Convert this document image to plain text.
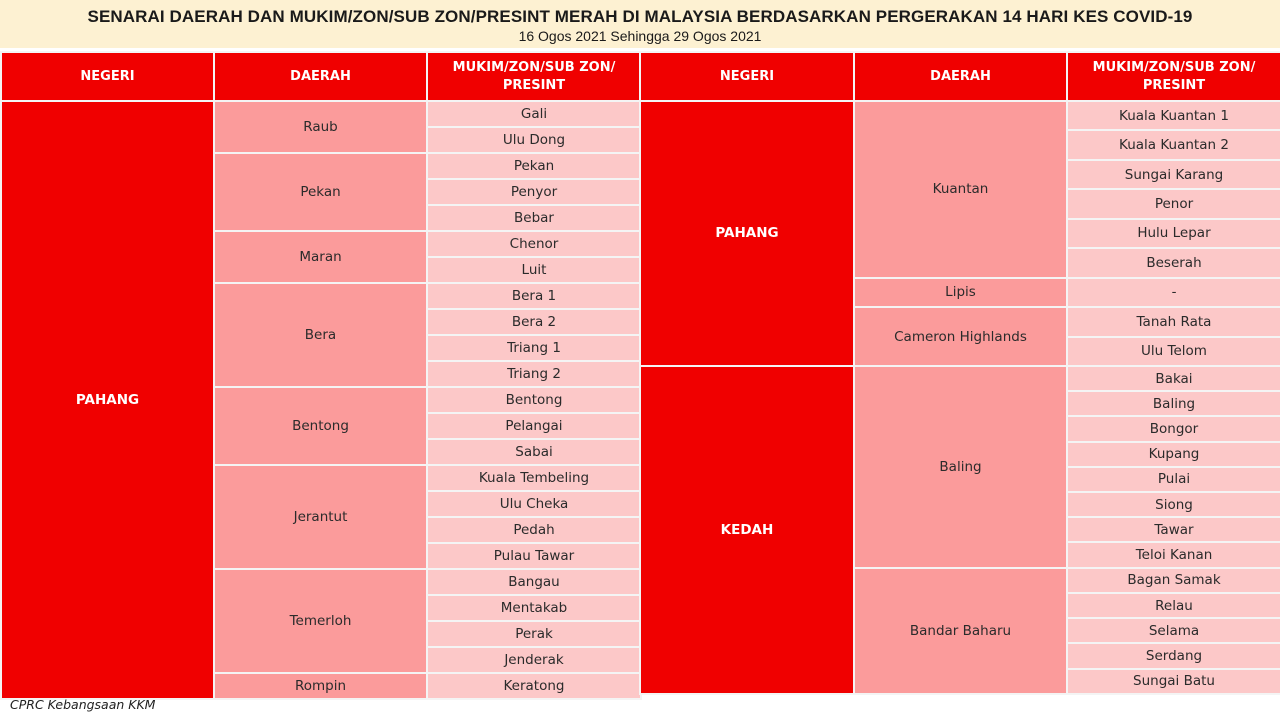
SENARAI DAERAH DAN MUKIM/ZON/SUB ZON/PRESINT MERAH DI MALAYSIA BERDASARKAN PERGERAKAN 14 HARI KES COVID-19
16 Ogos 2021 Sehingga 29 Ogos 2021
NEGERI	DAERAH	MUKIM/ZON/SUB ZON/ PRESINT
PAHANG	Raub	Gali
		Ulu Dong
	Pekan	Pekan
		Penyor
		Bebar
	Maran	Chenor
		Luit
	Bera	Bera 1
		Bera 2
		Triang 1
		Triang 2
	Bentong	Bentong
		Pelangai
		Sabai
	Jerantut	Kuala Tembeling
		Ulu Cheka
		Pedah
		Pulau Tawar
	Temerloh	Bangau
		Mentakab
		Perak
		Jenderak
	Rompin	Keratong
NEGERI	DAERAH	MUKIM/ZON/SUB ZON/ PRESINT
PAHANG	Kuantan	Kuala Kuantan 1
		Kuala Kuantan 2
		Sungai Karang
		Penor
		Hulu Lepar
		Beserah
	Lipis	-
	Cameron Highlands	Tanah Rata
		Ulu Telom
KEDAH	Baling	Bakai
		Baling
		Bongor
		Kupang
		Pulai
		Siong
		Tawar
		Teloi Kanan
	Bandar Baharu	Bagan Samak
		Relau
		Selama
		Serdang
		Sungai Batu
CPRC Kebangsaan KKM
